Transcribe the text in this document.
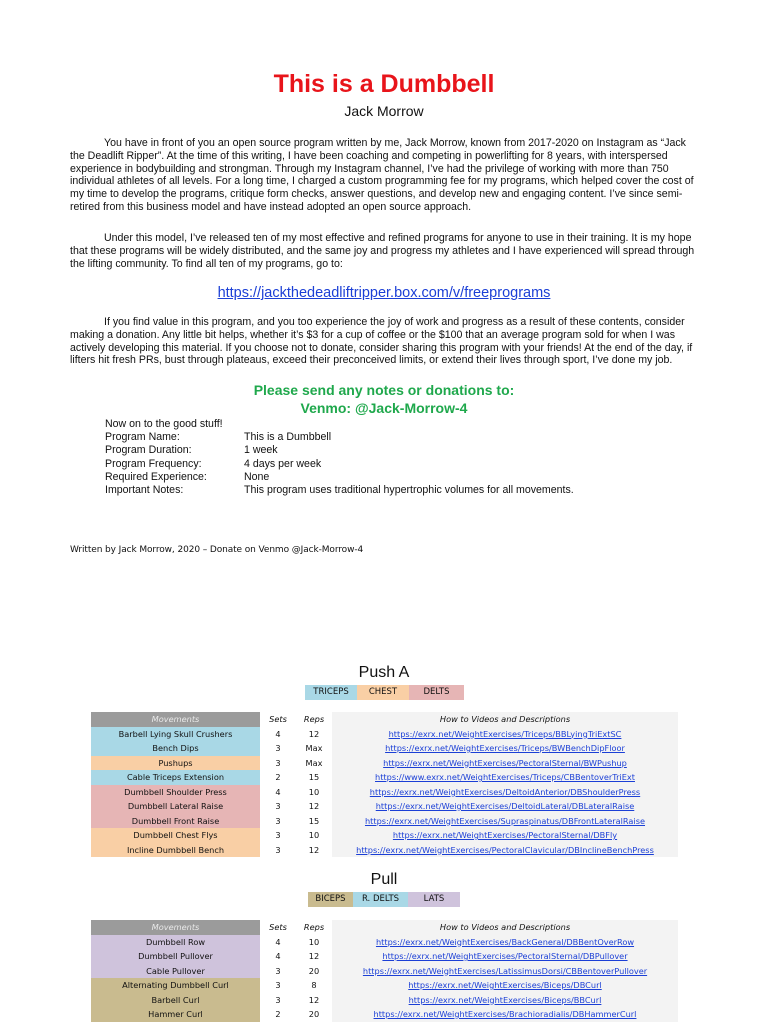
This is a Dumbbell
Jack Morrow

You have in front of you an open source program written by me, Jack Morrow, known from 2017-2020 on Instagram as “Jack the Deadlift Ripper”. At the time of this writing, I have been coaching and competing in powerlifting for 8 years, with interspersed experience in bodybuilding and strongman. Through my Instagram channel, I’ve had the privilege of working with more than 750 individual athletes of all levels. For a long time, I charged a custom programming fee for my programs, which helped cover the cost of my time to develop the programs, critique form checks, answer questions, and develop new and engaging content. I’ve since semi-retired from this business model and have instead adopted an open source approach.

Under this model, I’ve released ten of my most effective and refined programs for anyone to use in their training. It is my hope that these programs will be widely distributed, and the same joy and progress my athletes and I have experienced will spread through the lifting community. To find all ten of my programs, go to:

https://jackthedeadliftripper.box.com/v/freeprograms

If you find value in this program, and you too experience the joy of work and progress as a result of these contents, consider making a donation. Any little bit helps, whether it’s $3 for a cup of coffee or the $100 that an average program sold for when I was actively developing this material. If you choose not to donate, consider sharing this program with your friends! At the end of the day, if lifters hit fresh PRs, bust through plateaus, exceed their preconceived limits, or extend their lives through sport, I’ve done my job.

Please send any notes or donations to:
Venmo: @Jack-Morrow-4
Now on to the good stuff!
Program Name:	This is a Dumbbell
Program Duration:	1 week
Program Frequency:	4 days per week
Required Experience:	None
Important Notes:	This program uses traditional hypertrophic volumes for all movements.
Written by Jack Morrow, 2020 – Donate on Venmo @Jack-Morrow-4
Push A
TRICEPS	CHEST	DELTS
Movements	Sets	Reps	How to Videos and Descriptions
Barbell Lying Skull Crushers	4	12	https://exrx.net/WeightExercises/Triceps/BBLyingTriExtSC
Bench Dips	3	Max	https://exrx.net/WeightExercises/Triceps/BWBenchDipFloor
Pushups	3	Max	https://exrx.net/WeightExercises/PectoralSternal/BWPushup
Cable Triceps Extension	2	15	https://www.exrx.net/WeightExercises/Triceps/CBBentoverTriExt
Dumbbell Shoulder Press	4	10	https://exrx.net/WeightExercises/DeltoidAnterior/DBShoulderPress
Dumbbell Lateral Raise	3	12	https://exrx.net/WeightExercises/DeltoidLateral/DBLateralRaise
Dumbbell Front Raise	3	15	https://exrx.net/WeightExercises/Supraspinatus/DBFrontLateralRaise
Dumbbell Chest Flys	3	10	https://exrx.net/WeightExercises/PectoralSternal/DBFly
Incline Dumbbell Bench	3	12	https://exrx.net/WeightExercises/PectoralClavicular/DBInclineBenchPress
Pull
BICEPS	R. DELTS	LATS
Movements	Sets	Reps	How to Videos and Descriptions
Dumbbell Row	4	10	https://exrx.net/WeightExercises/BackGeneral/DBBentOverRow
Dumbbell Pullover	4	12	https://exrx.net/WeightExercises/PectoralSternal/DBPullover
Cable Pullover	3	20	https://exrx.net/WeightExercises/LatissimusDorsi/CBBentoverPullover
Alternating Dumbbell Curl	3	8	https://exrx.net/WeightExercises/Biceps/DBCurl
Barbell Curl	3	12	https://exrx.net/WeightExercises/Biceps/BBCurl
Hammer Curl	2	20	https://exrx.net/WeightExercises/Brachioradialis/DBHammerCurl
